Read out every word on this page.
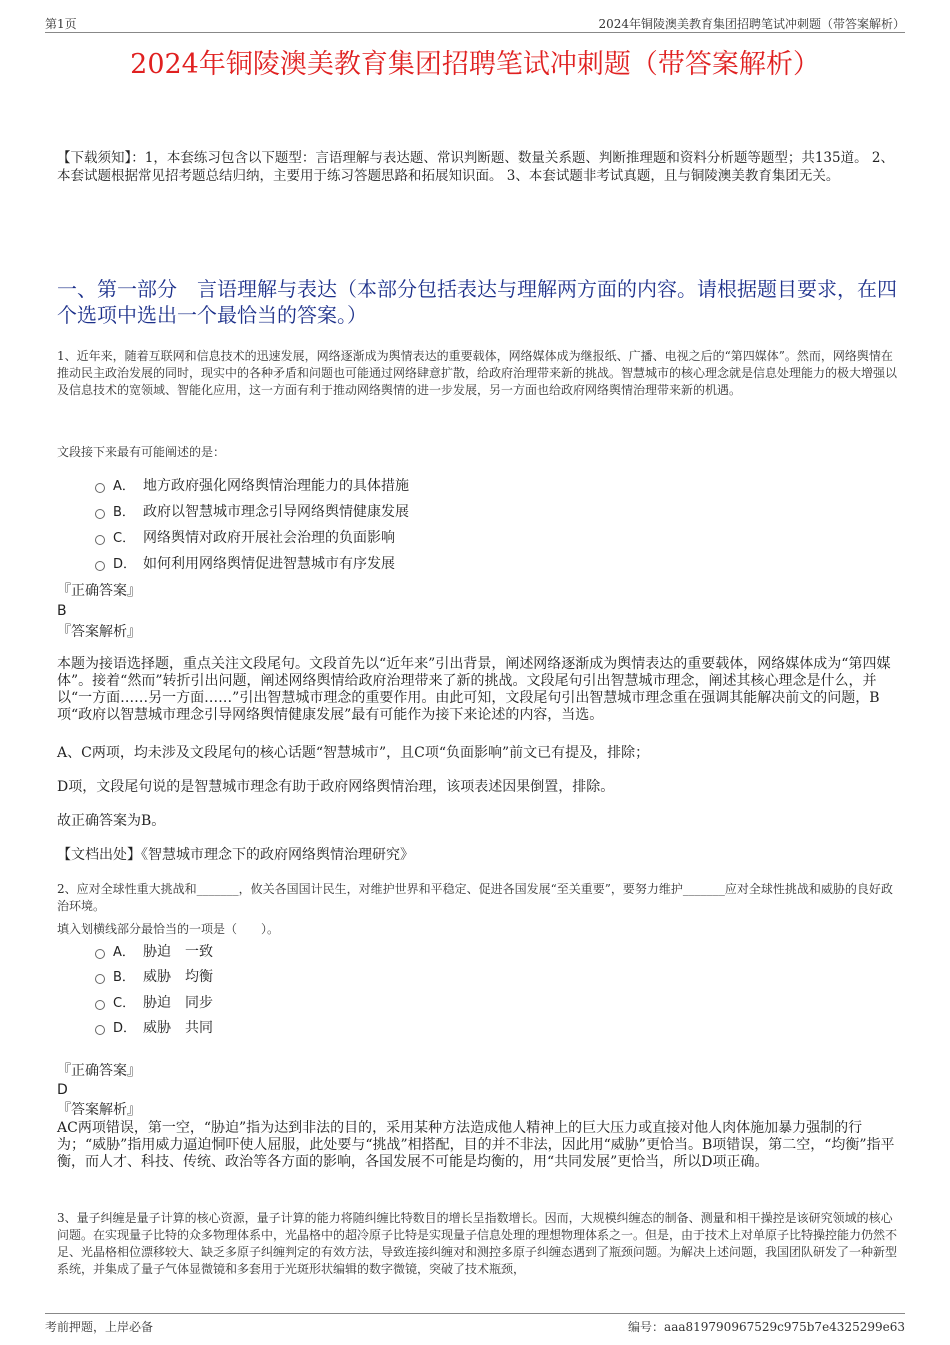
第1页	2024年铜陵澳美教育集团招聘笔试冲刺题（带答案解析）
2024年铜陵澳美教育集团招聘笔试冲刺题（带答案解析）
【下载须知】：1，本套练习包含以下题型：言语理解与表达题、常识判断题、数量关系题、判断推理题和资料分析题等题型；共135道。 2、本套试题根据常见招考题总结归纳，主要用于练习答题思路和拓展知识面。 3、本套试题非考试真题，且与铜陵澳美教育集团无关。
一、第一部分　言语理解与表达（本部分包括表达与理解两方面的内容。请根据题目要求，在四个选项中选出一个最恰当的答案。）
1、近年来，随着互联网和信息技术的迅速发展，网络逐渐成为舆情表达的重要载体，网络媒体成为继报纸、广播、电视之后的“第四媒体”。然而，网络舆情在推动民主政治发展的同时，现实中的各种矛盾和问题也可能通过网络肆意扩散，给政府治理带来新的挑战。智慧城市的核心理念就是信息处理能力的极大增强以及信息技术的宽领域、智能化应用，这一方面有利于推动网络舆情的进一步发展，另一方面也给政府网络舆情治理带来新的机遇。
文段接下来最有可能阐述的是：
A． 地方政府强化网络舆情治理能力的具体措施
B． 政府以智慧城市理念引导网络舆情健康发展
C． 网络舆情对政府开展社会治理的负面影响
D． 如何利用网络舆情促进智慧城市有序发展
『正确答案』
B
『答案解析』
本题为接语选择题，重点关注文段尾句。文段首先以“近年来”引出背景，阐述网络逐渐成为舆情表达的重要载体，网络媒体成为“第四媒体”。接着“然而”转折引出问题，阐述网络舆情给政府治理带来了新的挑战。文段尾句引出智慧城市理念，阐述其核心理念是什么，并以“一方面……另一方面……”引出智慧城市理念的重要作用。由此可知，文段尾句引出智慧城市理念重在强调其能解决前文的问题，B项“政府以智慧城市理念引导网络舆情健康发展”最有可能作为接下来论述的内容，当选。
A、C两项，均未涉及文段尾句的核心话题“智慧城市”，且C项“负面影响”前文已有提及，排除；
D项，文段尾句说的是智慧城市理念有助于政府网络舆情治理，该项表述因果倒置，排除。
故正确答案为B。
【文档出处】《智慧城市理念下的政府网络舆情治理研究》
2、应对全球性重大挑战和_______，攸关各国国计民生，对维护世界和平稳定、促进各国发展“至关重要”，要努力维护_______应对全球性挑战和威胁的良好政治环境。
填入划横线部分最恰当的一项是（　　）。
A． 胁迫　一致
B． 威胁　均衡
C． 胁迫　同步
D． 威胁　共同
『正确答案』
D
『答案解析』
AC两项错误，第一空，“胁迫”指为达到非法的目的，采用某种方法造成他人精神上的巨大压力或直接对他人肉体施加暴力强制的行为；“威胁”指用威力逼迫恫吓使人屈服，此处要与“挑战”相搭配，目的并不非法，因此用“威胁”更恰当。B项错误，第二空，“均衡”指平衡，而人才、科技、传统、政治等各方面的影响，各国发展不可能是均衡的，用“共同发展”更恰当，所以D项正确。
3、量子纠缠是量子计算的核心资源，量子计算的能力将随纠缠比特数目的增长呈指数增长。因而，大规模纠缠态的制备、测量和相干操控是该研究领域的核心问题。在实现量子比特的众多物理体系中，光晶格中的超冷原子比特是实现量子信息处理的理想物理体系之一。但是，由于技术上对单原子比特操控能力仍然不足、光晶格相位漂移较大、缺乏多原子纠缠判定的有效方法，导致连接纠缠对和测控多原子纠缠态遇到了瓶颈问题。为解决上述问题，我国团队研发了一种新型系统，并集成了量子气体显微镜和多套用于光斑形状编辑的数字微镜，突破了技术瓶颈，
考前押题，上岸必备	编号：aaa819790967529c975b7e4325299e63
